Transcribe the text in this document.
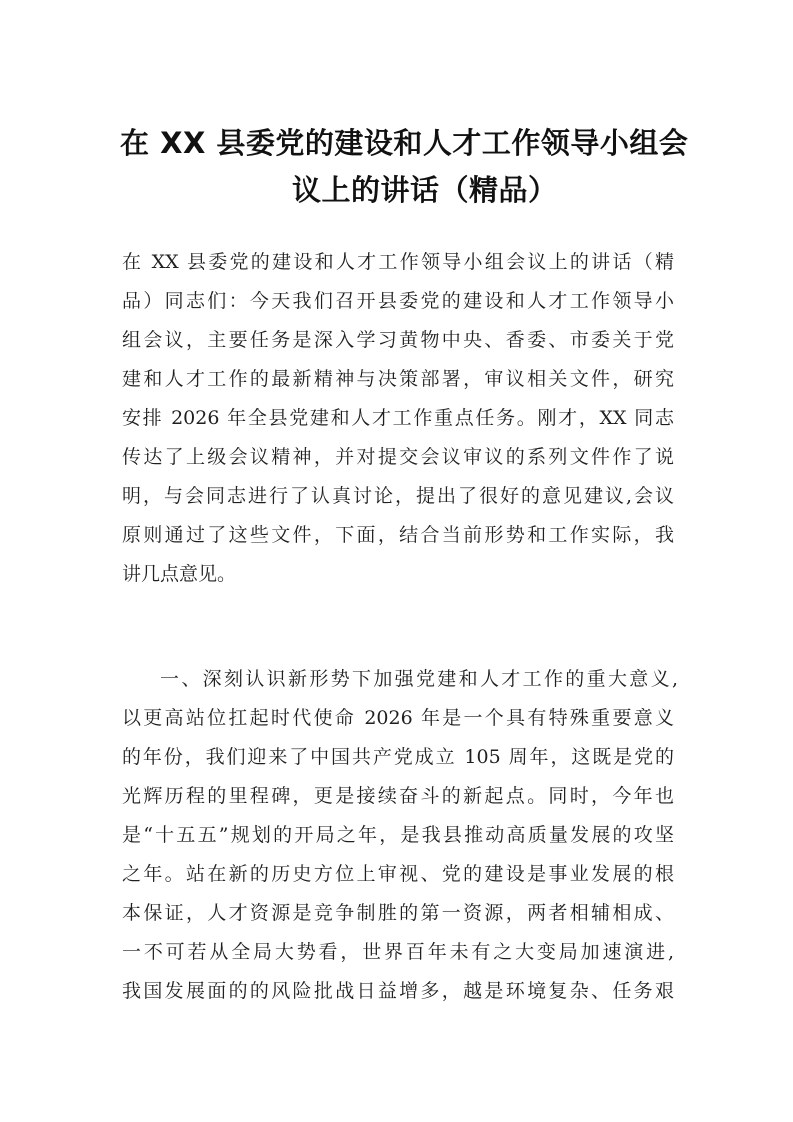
在 XX 县委党的建设和人才工作领导小组会
议上的讲话（精品）
在 XX 县委党的建设和人才工作领导小组会议上的讲话（精
品）同志们：今天我们召开县委党的建设和人才工作领导小
组会议，主要任务是深入学习黄物中央、香委、市委关于党
建和人才工作的最新精神与决策部署，审议相关文件，研究
安排 2026 年全县党建和人才工作重点任务。刚才，XX 同志
传达了上级会议精神，并对提交会议审议的系列文件作了说
明，与会同志进行了认真讨论，提出了很好的意见建议,会议
原则通过了这些文件，下面，结合当前形势和工作实际，我
讲几点意见。
一、深刻认识新形势下加强党建和人才工作的重大意义,
以更高站位扛起时代使命 2026 年是一个具有特殊重要意义
的年份，我们迎来了中国共产党成立 105 周年，这既是党的
光辉历程的里程碑，更是接续奋斗的新起点。同时，今年也
是“十五五”规划的开局之年，是我县推动高质量发展的攻坚
之年。站在新的历史方位上审视、党的建设是事业发展的根
本保证，人才资源是竞争制胜的第一资源，两者相辅相成、
一不可若从全局大势看，世界百年未有之大变局加速演进,
我国发展面的的风险批战日益增多，越是环境复杂、任务艰
